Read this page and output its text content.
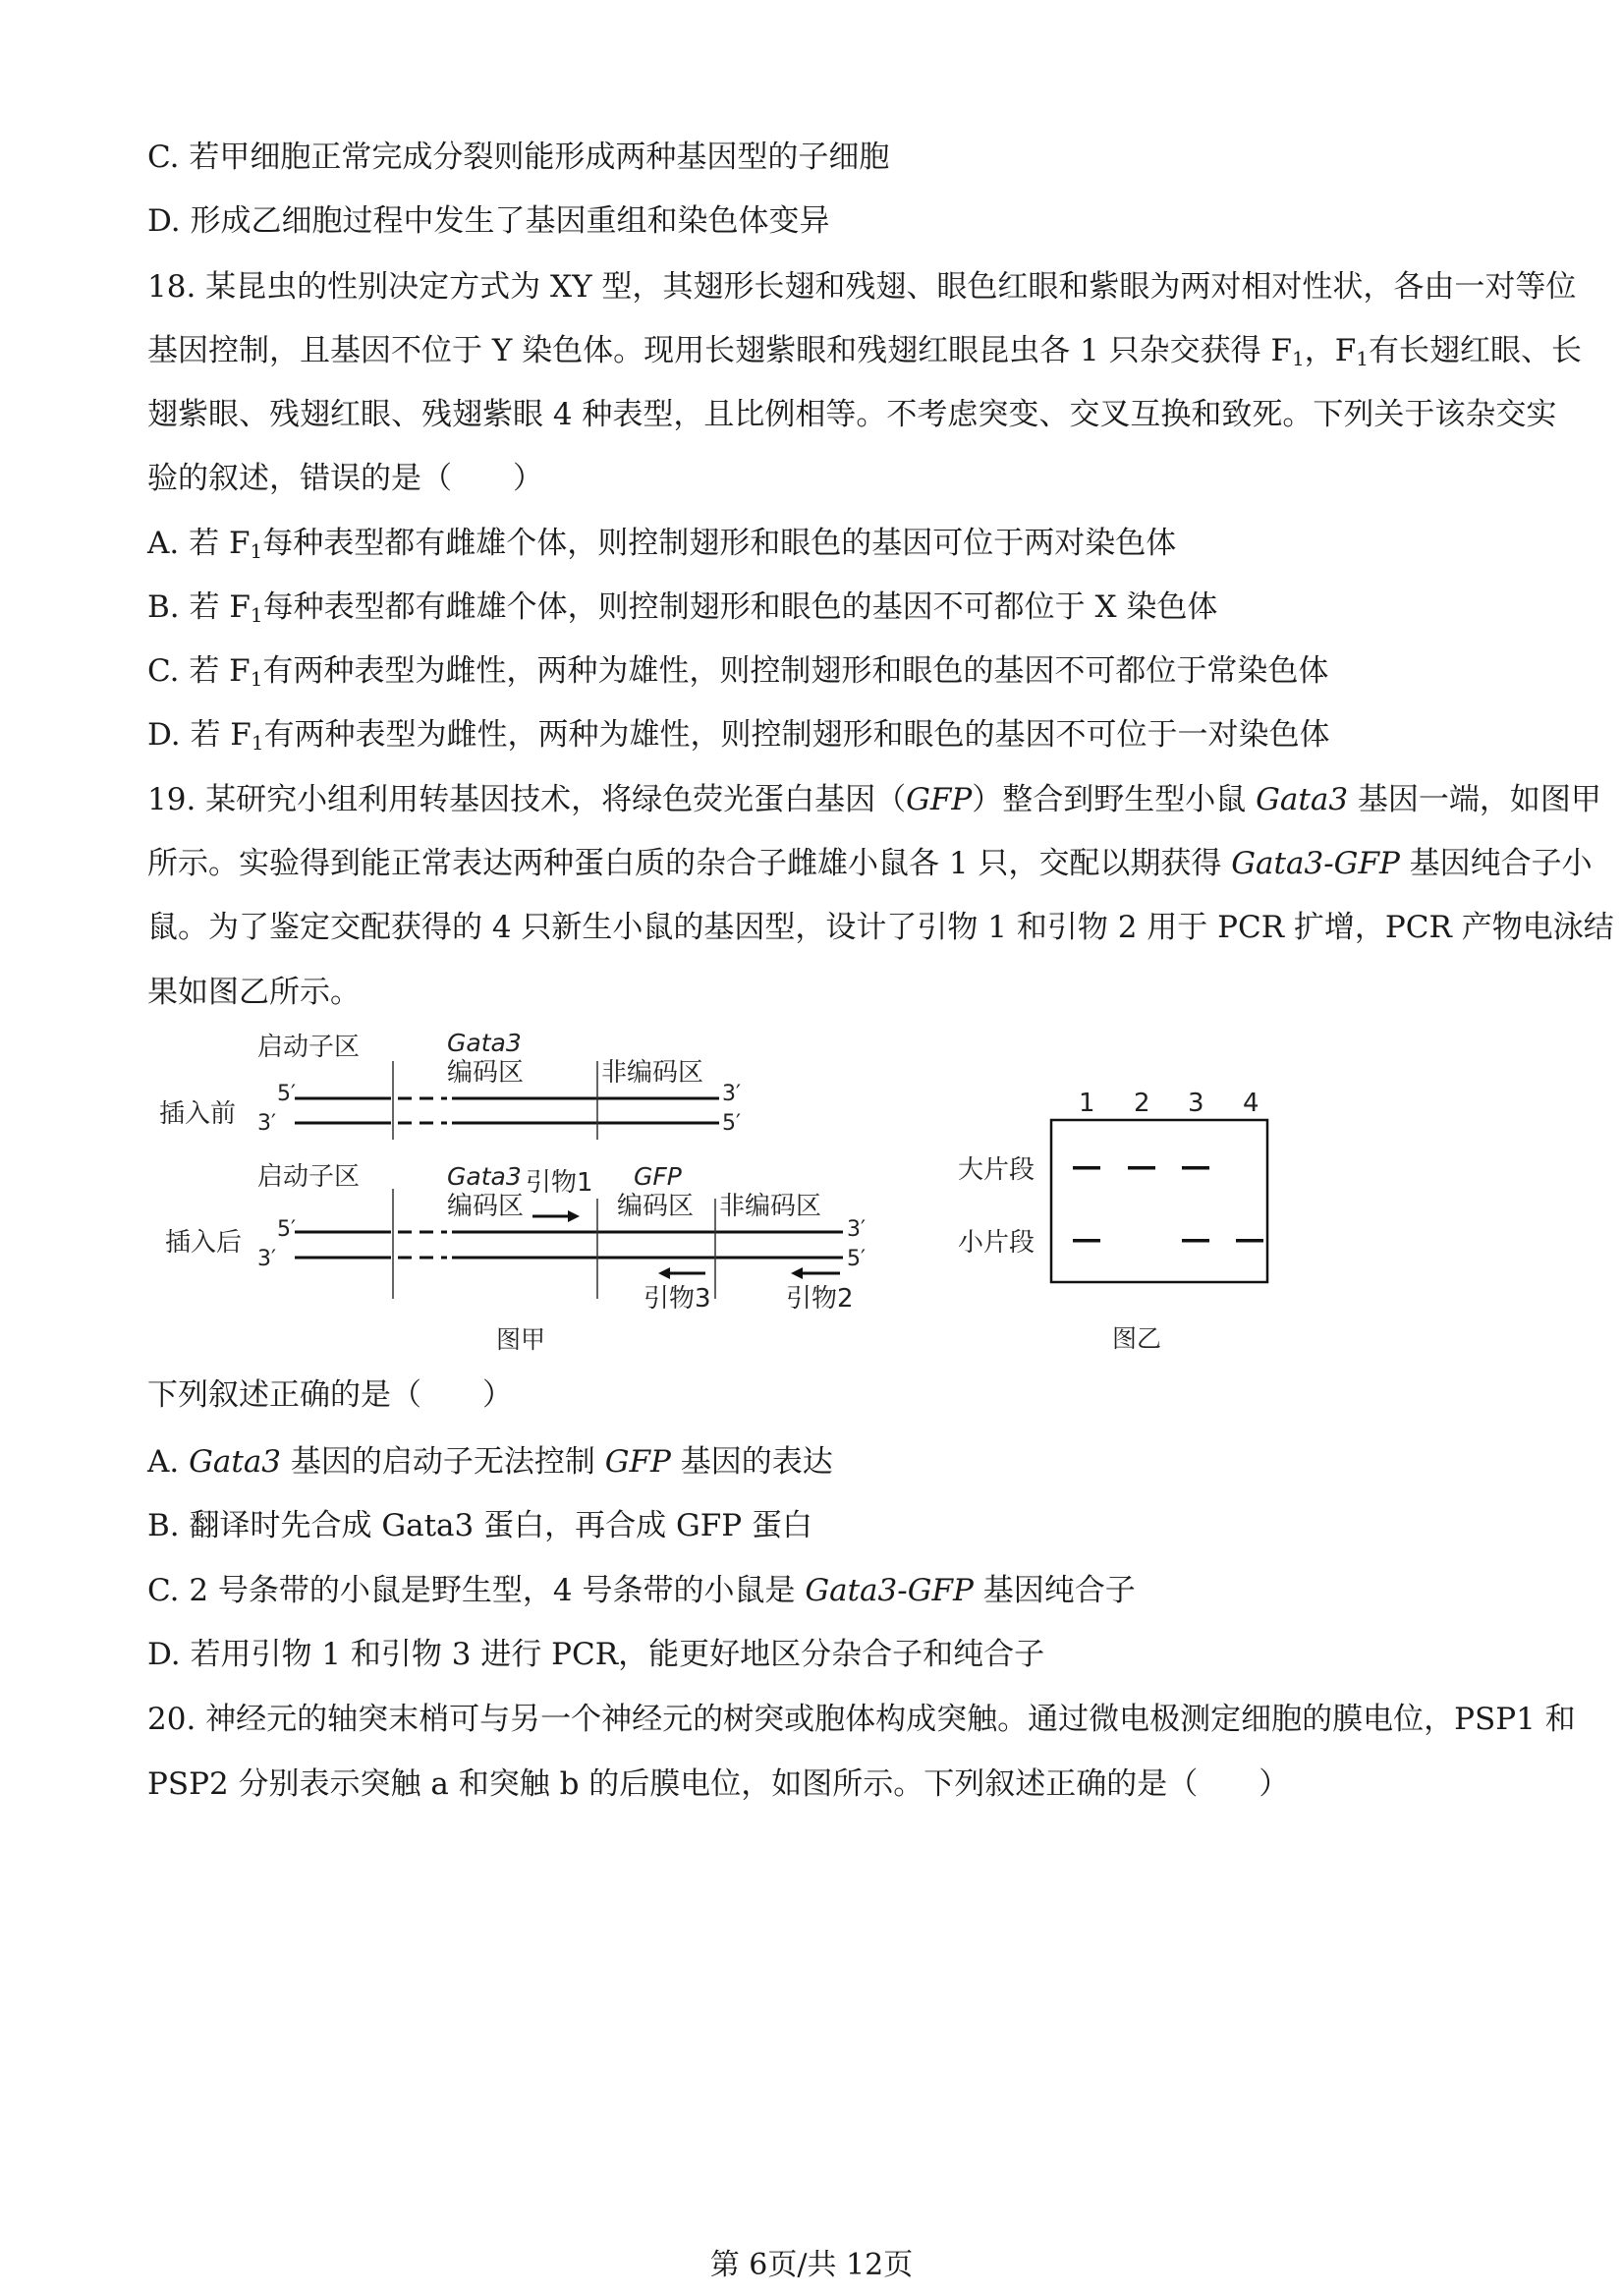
C. 若甲细胞正常完成分裂则能形成两种基因型的子细胞
D. 形成乙细胞过程中发生了基因重组和染色体变异
18. 某昆虫的性别决定方式为 XY 型，其翅形长翅和残翅、眼色红眼和紫眼为两对相对性状，各由一对等位
基因控制，且基因不位于 Y 染色体。现用长翅紫眼和残翅红眼昆虫各 1 只杂交获得 $F_1$，$F_1$有长翅红眼、长
翅紫眼、残翅红眼、残翅紫眼 4 种表型，且比例相等。不考虑突变、交叉互换和致死。下列关于该杂交实
验的叙述，错误的是（　　）
A. 若 $F_1$每种表型都有雌雄个体，则控制翅形和眼色的基因可位于两对染色体
B. 若 $F_1$每种表型都有雌雄个体，则控制翅形和眼色的基因不可都位于 X 染色体
C. 若 $F_1$有两种表型为雌性，两种为雄性，则控制翅形和眼色的基因不可都位于常染色体
D. 若 $F_1$有两种表型为雌性，两种为雄性，则控制翅形和眼色的基因不可位于一对染色体
19. 某研究小组利用转基因技术，将绿色荧光蛋白基因（GFP）整合到野生型小鼠 Gata3 基因一端，如图甲
所示。实验得到能正常表达两种蛋白质的杂合子雌雄小鼠各 1 只，交配以期获得 Gata3-GFP 基因纯合子小
鼠。为了鉴定交配获得的 4 只新生小鼠的基因型，设计了引物 1 和引物 2 用于 PCR 扩增，PCR 产物电泳结
果如图乙所示。
插入前
5′
启动子区	Gata3
编码区	非编码区
3′
3′	5′
插入后
启动子区	Gata3
编码区
引物1 GFP
编码区 非编码区
5′	3′
3′	5′
引物3	引物2
图甲
1 2 3 4
大片段
小片段
图乙
下列叙述正确的是（　　）
A. Gata3 基因的启动子无法控制 GFP 基因的表达
B. 翻译时先合成 Gata3 蛋白，再合成 GFP 蛋白
C. 2 号条带的小鼠是野生型，4 号条带的小鼠是 Gata3-GFP 基因纯合子
D. 若用引物 1 和引物 3 进行 PCR，能更好地区分杂合子和纯合子
20. 神经元的轴突末梢可与另一个神经元的树突或胞体构成突触。通过微电极测定细胞的膜电位，PSP1 和
PSP2 分别表示突触 a 和突触 b 的后膜电位，如图所示。下列叙述正确的是（　　）
第 6页/共 12页
